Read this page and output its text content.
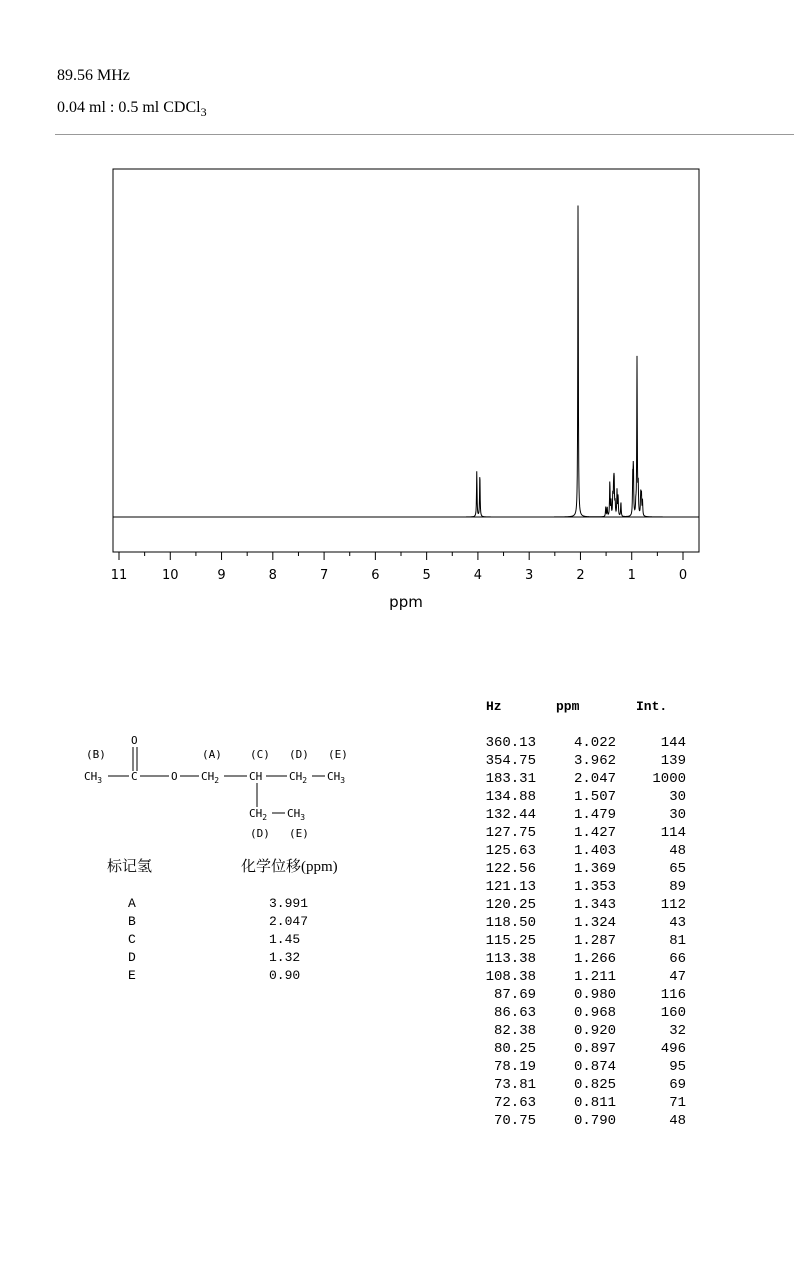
89.56 MHz
0.04 ml : 0.5 ml CDCl$_3$
11	10	9	8	7	6	5	4	3	2	1	0
ppm
(B)
O
(A)	(C) (D) (E)
$CH_3$	C	O $CH_2$	CH $CH_2$ $CH_3$
$CH_2$ $CH_3$
(D) (E)
标记氢	化学位移(ppm)
A	3.991
B	2.047
C	1.45
D	1.32
E	0.90
Hz	ppm	Int.
360.13	4.022	144
354.75	3.962	139
183.31	2.047	1000
134.88	1.507	30
132.44	1.479	30
127.75	1.427	114
125.63	1.403	48
122.56	1.369	65
121.13	1.353	89
120.25	1.343	112
118.50	1.324	43
115.25	1.287	81
113.38	1.266	66
108.38	1.211	47
87.69	0.980	116
86.63	0.968	160
82.38	0.920	32
80.25	0.897	496
78.19	0.874	95
73.81	0.825	69
72.63	0.811	71
70.75	0.790	48
